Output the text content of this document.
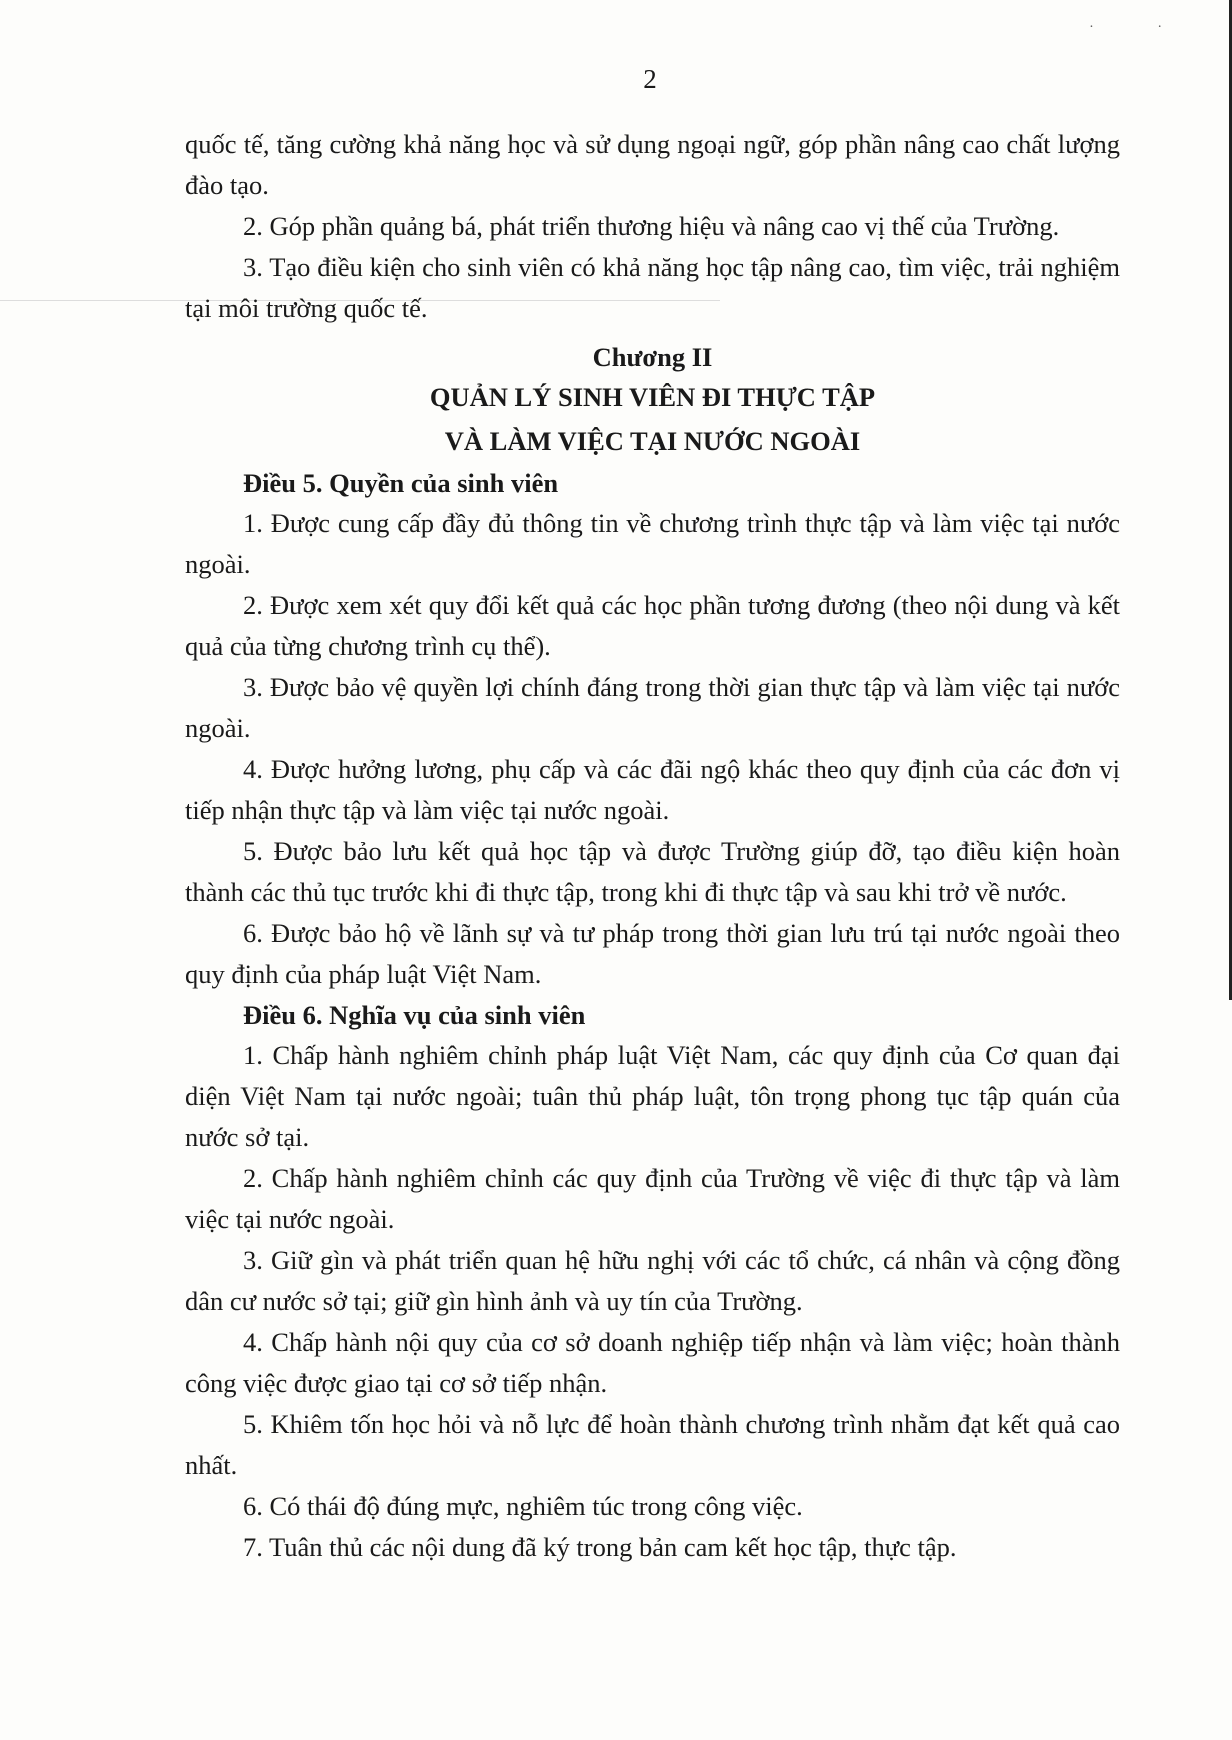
· ·
2

quốc tế, tăng cường khả năng học và sử dụng ngoại ngữ, góp phần nâng cao chất lượng đào tạo.

2. Góp phần quảng bá, phát triển thương hiệu và nâng cao vị thế của Trường.

3. Tạo điều kiện cho sinh viên có khả năng học tập nâng cao, tìm việc, trải nghiệm tại môi trường quốc tế.

Chương II
QUẢN LÝ SINH VIÊN ĐI THỰC TẬP
VÀ LÀM VIỆC TẠI NƯỚC NGOÀI
Điều 5. Quyền của sinh viên

1. Được cung cấp đầy đủ thông tin về chương trình thực tập và làm việc tại nước ngoài.

2. Được xem xét quy đổi kết quả các học phần tương đương (theo nội dung và kết quả của từng chương trình cụ thể).

3. Được bảo vệ quyền lợi chính đáng trong thời gian thực tập và làm việc tại nước ngoài.

4. Được hưởng lương, phụ cấp và các đãi ngộ khác theo quy định của các đơn vị tiếp nhận thực tập và làm việc tại nước ngoài.

5. Được bảo lưu kết quả học tập và được Trường giúp đỡ, tạo điều kiện hoàn thành các thủ tục trước khi đi thực tập, trong khi đi thực tập và sau khi trở về nước.

6. Được bảo hộ về lãnh sự và tư pháp trong thời gian lưu trú tại nước ngoài theo quy định của pháp luật Việt Nam.

Điều 6. Nghĩa vụ của sinh viên

1. Chấp hành nghiêm chỉnh pháp luật Việt Nam, các quy định của Cơ quan đại diện Việt Nam tại nước ngoài; tuân thủ pháp luật, tôn trọng phong tục tập quán của nước sở tại.

2. Chấp hành nghiêm chỉnh các quy định của Trường về việc đi thực tập và làm việc tại nước ngoài.

3. Giữ gìn và phát triển quan hệ hữu nghị với các tổ chức, cá nhân và cộng đồng dân cư nước sở tại; giữ gìn hình ảnh và uy tín của Trường.

4. Chấp hành nội quy của cơ sở doanh nghiệp tiếp nhận và làm việc; hoàn thành công việc được giao tại cơ sở tiếp nhận.

5. Khiêm tốn học hỏi và nỗ lực để hoàn thành chương trình nhằm đạt kết quả cao nhất.

6. Có thái độ đúng mực, nghiêm túc trong công việc.

7. Tuân thủ các nội dung đã ký trong bản cam kết học tập, thực tập.
